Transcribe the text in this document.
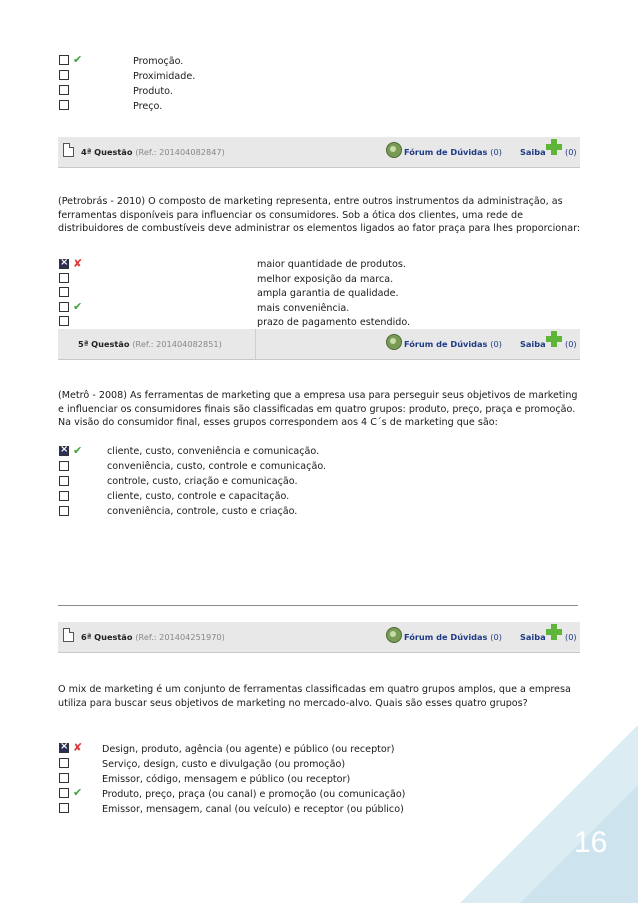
16
✔	Promoção.
Proximidade.
Produto.
Preço.
4ª Questão (Ref.: 201404082847)	Fórum de Dúvidas (0) Saiba (0)
(Petrobrás - 2010) O composto de marketing representa, entre outros instrumentos da administração, as ferramentas disponíveis para influenciar os consumidores. Sob a ótica dos clientes, uma rede de distribuidores de combustíveis deve administrar os elementos ligados ao fator praça para lhes proporcionar:
×
✘	maior quantidade de produtos.
melhor exposição da marca.
ampla garantia de qualidade.
✔	mais conveniência.
prazo de pagamento estendido.
5ª Questão (Ref.: 201404082851)	Fórum de Dúvidas (0) Saiba (0)
(Metrô - 2008) As ferramentas de marketing que a empresa usa para perseguir seus objetivos de marketing e influenciar os consumidores finais são classificadas em quatro grupos: produto, preço, praça e promoção. Na visão do consumidor final, esses grupos correspondem aos 4 C´s de marketing que são:
×
✔	cliente, custo, conveniência e comunicação.
conveniência, custo, controle e comunicação.
controle, custo, criação e comunicação.
cliente, custo, controle e capacitação.
conveniência, controle, custo e criação.
6ª Questão (Ref.: 201404251970)	Fórum de Dúvidas (0) Saiba (0)
O mix de marketing é um conjunto de ferramentas classificadas em quatro grupos amplos, que a empresa utiliza para buscar seus objetivos de marketing no mercado-alvo. Quais são esses quatro grupos?
×
✘ Design, produto, agência (ou agente) e público (ou receptor)
Serviço, design, custo e divulgação (ou promoção)
Emissor, código, mensagem e público (ou receptor)
✔ Produto, preço, praça (ou canal) e promoção (ou comunicação)
Emissor, mensagem, canal (ou veículo) e receptor (ou público)
